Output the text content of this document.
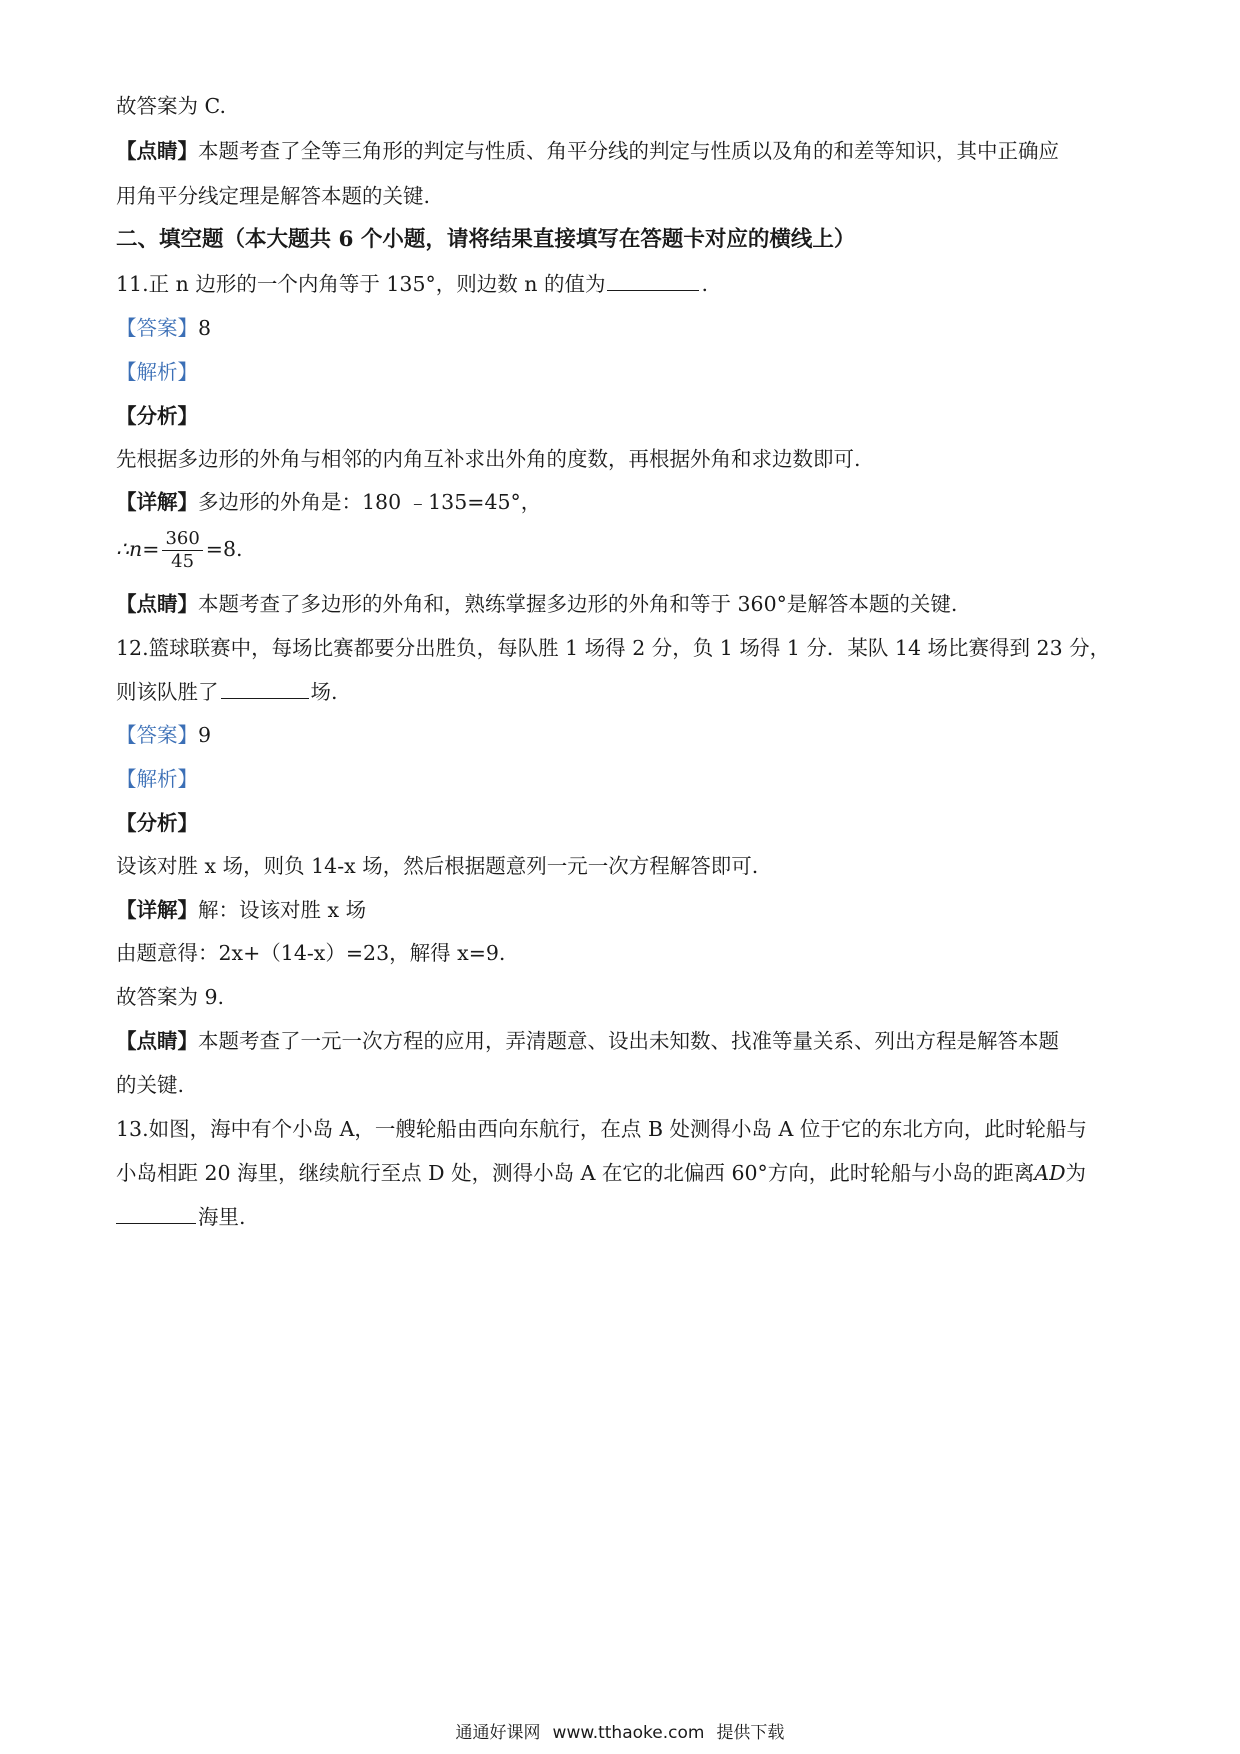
故答案为 C.
【点睛】本题考查了全等三角形的判定与性质、角平分线的判定与性质以及角的和差等知识，其中正确应
用角平分线定理是解答本题的关键.
二、填空题（本大题共 6 个小题，请将结果直接填写在答题卡对应的横线上）
11.正 n 边形的一个内角等于 135°，则边数 n 的值为	.
【答案】8
【解析】
【分析】
先根据多边形的外角与相邻的内角互补求出外角的度数，再根据外角和求边数即可.
【详解】多边形的外角是：180 ﹣135=45°，
∴n= $\frac{360}{45} =8$.
【点睛】本题考查了多边形的外角和，熟练掌握多边形的外角和等于 360°是解答本题的关键.
12.篮球联赛中，每场比赛都要分出胜负，每队胜 1 场得 2 分，负 1 场得 1 分．某队 14 场比赛得到 23 分，
则该队胜了	场.
【答案】9
【解析】
【分析】
设该对胜 x 场，则负 14-x 场，然后根据题意列一元一次方程解答即可.
【详解】解：设该对胜 x 场
由题意得：2x+（14-x）=23，解得 x=9.
故答案为 9.
【点睛】本题考查了一元一次方程的应用，弄清题意、设出未知数、找准等量关系、列出方程是解答本题
的关键.
13.如图，海中有个小岛 A，一艘轮船由西向东航行，在点 B 处测得小岛 A 位于它的东北方向，此时轮船与
小岛相距 20 海里，继续航行至点 D 处，测得小岛 A 在它的北偏西 60°方向，此时轮船与小岛的距离AD为
海里.
通通好课网 www.tthaoke.com 提供下载
